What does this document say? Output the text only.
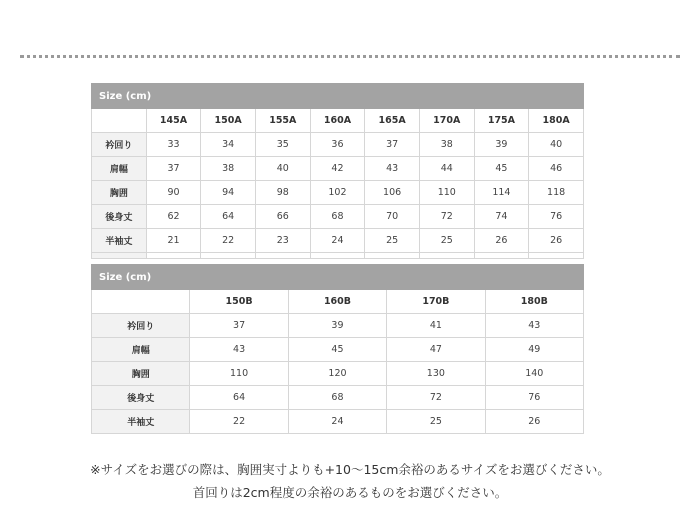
Size (cm)								
	145A	150A	155A	160A	165A	170A	175A	180A
衿回り	33	34	35	36	37	38	39	40
肩幅	37	38	40	42	43	44	45	46
胸囲	90	94	98	102	106	110	114	118
後身丈	62	64	66	68	70	72	74	76
半袖丈	21	22	23	24	25	25	26	26

Size (cm)				
	150B	160B	170B	180B
衿回り	37	39	41	43
肩幅	43	45	47	49
胸囲	110	120	130	140
後身丈	64	68	72	76
半袖丈	22	24	25	26
※サイズをお選びの際は、胸囲実寸よりも+10〜15cm余裕のあるサイズをお選びください。
首回りは2cm程度の余裕のあるものをお選びください。
